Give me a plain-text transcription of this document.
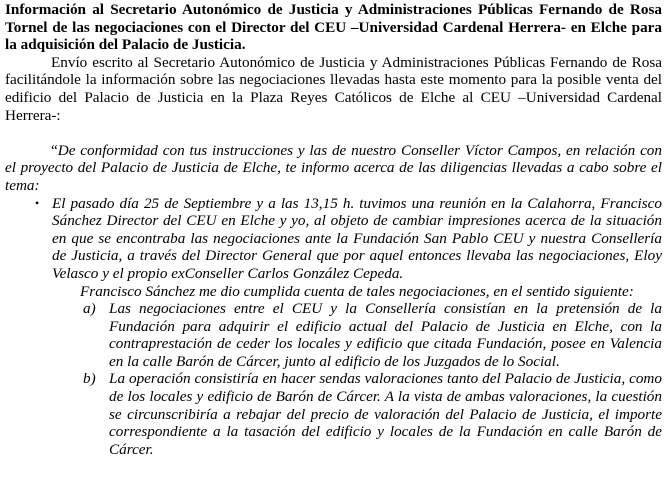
Información al Secretario Autonómico de Justicia y Administraciones Públicas Fernando de Rosa Tornel de las negociaciones con el Director del CEU –Universidad Cardenal Herrera- en Elche para la adquisición del Palacio de Justicia.

Envío escrito al Secretario Autonómico de Justicia y Administraciones Públicas Fernando de Rosa facilitándole la información sobre las negociaciones llevadas hasta este momento para la posible venta del edificio del Palacio de Justicia en la Plaza Reyes Católicos de Elche al CEU –Universidad Cardenal Herrera-:

“De conformidad con tus instrucciones y las de nuestro Conseller Víctor Campos, en relación con el proyecto del Palacio de Justicia de Elche, te informo acerca de las diligencias llevadas a cabo sobre el tema:

• El pasado día 25 de Septiembre y a las 13,15 h. tuvimos una reunión en la Calahorra, Francisco Sánchez Director del CEU en Elche y yo, al objeto de cambiar impresiones acerca de la situación en que se encontraba las negociaciones ante la Fundación San Pablo CEU y nuestra Consellería de Justicia, a través del Director General que por aquel entonces llevaba las negociaciones, Eloy Velasco y el propio exConseller Carlos González Cepeda.

Francisco Sánchez me dio cumplida cuenta de tales negociaciones, en el sentido siguiente:

a) Las negociaciones entre el CEU y la Consellería consistían en la pretensión de la Fundación para adquirir el edificio actual del Palacio de Justicia en Elche, con la contraprestación de ceder los locales y edificio que citada Fundación, posee en Valencia en la calle Barón de Cárcer, junto al edificio de los Juzgados de lo Social.
b) La operación consistiría en hacer sendas valoraciones tanto del Palacio de Justicia, como de los locales y edificio de Barón de Cárcer. A la vista de ambas valoraciones, la cuestión se circunscribiría a rebajar del precio de valoración del Palacio de Justicia, el importe correspondiente a la tasación del edificio y locales de la Fundación en calle Barón de Cárcer.
